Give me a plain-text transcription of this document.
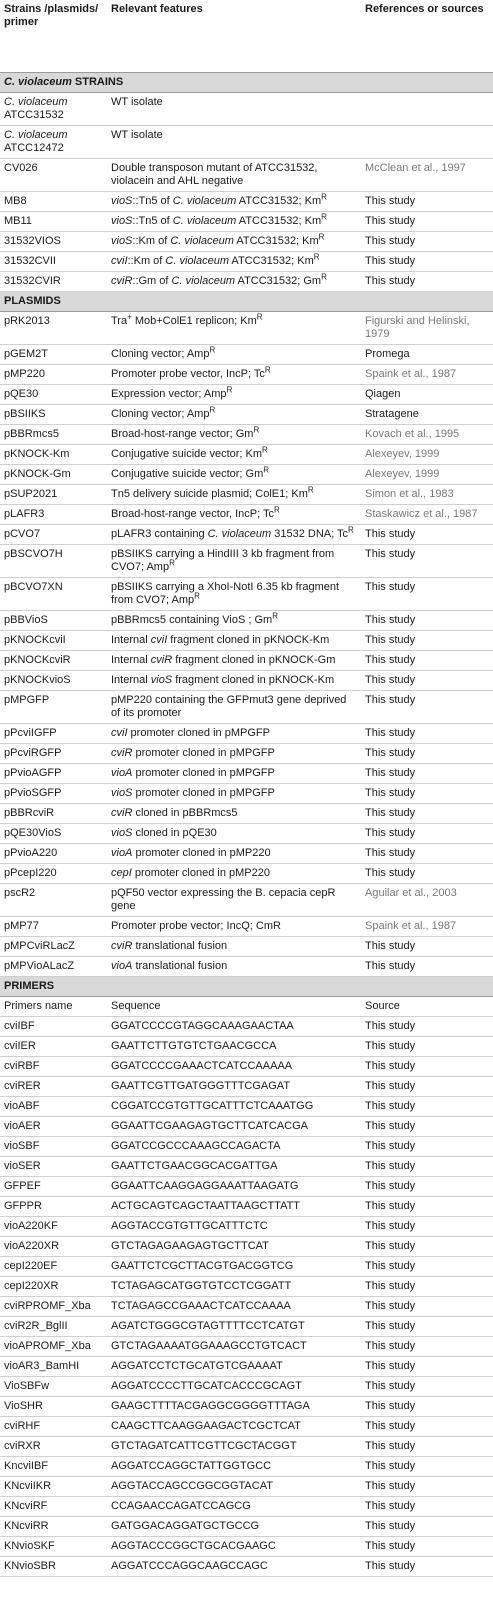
Strains /plasmids/ primer	Relevant features	References or sources
C. violaceum STRAINS		
C. violaceum ATCC31532	WT isolate	
C. violaceum ATCC12472	WT isolate	
CV026	Double transposon mutant of ATCC31532, violacein and AHL negative	McClean et al., 1997
MB8	vioS::Tn5 of C. violaceum ATCC31532; $Km^R$	This study
MB11	vioS::Tn5 of C. violaceum ATCC31532; $Km^R$	This study
31532VIOS	vioS::Km of C. violaceum ATCC31532; $Km^R$	This study
31532CVII	cviI::Km of C. violaceum ATCC31532; $Km^R$	This study
31532CVIR	cviR::Gm of C. violaceum ATCC31532; $Gm^R$	This study
PLASMIDS		
pRK2013	Tra+ Mob+ColE1 replicon; $Km^R$	Figurski and Helinski, 1979
pGEM2T	Cloning vector; Amp$^R$	Promega
pMP220	Promoter probe vector, IncP; $Tc^R$	Spaink et al., 1987
pQE30	Expression vector; Amp$^R$	Qiagen
pBSIIKS	Cloning vector; Amp$^R$	Stratagene
pBBRmcs5	Broad-host-range vector; $Gm^R$	Kovach et al., 1995
pKNOCK-Km	Conjugative suicide vector; $Km^R$	Alexeyev, 1999
pKNOCK-Gm	Conjugative suicide vector; $Gm^R$	Alexeyev, 1999
pSUP2021	Tn5 delivery suicide plasmid; ColE1; $Km^R$	Simon et al., 1983
pLAFR3	Broad-host-range vector, IncP; $Tc^R$	Staskawicz et al., 1987
pCVO7	pLAFR3 containing C. violaceum 31532 DNA; $Tc^R$	This study
pBSCVO7H	pBSIIKS carrying a HindIII 3 kb fragment from CVO7; Amp$^R$	This study
pBCVO7XN	pBSIIKS carrying a XhoI-NotI 6.35 kb fragment from CVO7; Amp$^R$	This study
pBBVioS	pBBRmcs5 containing VioS ; $Gm^R$	This study
pKNOCKcviI	Internal cviI fragment cloned in pKNOCK-Km	This study
pKNOCKcviR	Internal cviR fragment cloned in pKNOCK-Gm	This study
pKNOCKvioS	Internal vioS fragment cloned in pKNOCK-Km	This study
pMPGFP	pMP220 containing the GFPmut3 gene deprived of its promoter	This study
pPcviIGFP	cviI promoter cloned in pMPGFP	This study
pPcviRGFP	cviR promoter cloned in pMPGFP	This study
pPvioAGFP	vioA promoter cloned in pMPGFP	This study
pPvioSGFP	vioS promoter cloned in pMPGFP	This study
pBBRcviR	cviR cloned in pBBRmcs5	This study
pQE30VioS	vioS cloned in pQE30	This study
pPvioA220	vioA promoter cloned in pMP220	This study
pPcepI220	cepI promoter cloned in pMP220	This study
pscR2	pQF50 vector expressing the B. cepacia cepR gene	Aguilar et al., 2003
pMP77	Promoter probe vector; IncQ; CmR	Spaink et al., 1987
pMPCviRLacZ	cviR translational fusion	This study
pMPVioALacZ	vioA translational fusion	This study
PRIMERS		
Primers name	Sequence	Source
cviIBF	GGATCCCCGTAGGCAAAGAACTAA	This study
cviIER	GAATTCTTGTGTCTGAACGCCA	This study
cviRBF	GGATCCCCGAAACTCATCCAAAAA	This study
cviRER	GAATTCGTTGATGGGTTTCGAGAT	This study
vioABF	CGGATCCGTGTTGCATTTCTCAAATGG	This study
vioAER	GGAATTCGAAGAGTGCTTCATCACGA	This study
vioSBF	GGATCCGCCCAAAGCCAGACTA	This study
vioSER	GAATTCTGAACGGCACGATTGA	This study
GFPEF	GGAATTCAAGGAGGAAATTAAGATG	This study
GFPPR	ACTGCAGTCAGCTAATTAAGCTTATT	This study
vioA220KF	AGGTACCGTGTTGCATTTCTC	This study
vioA220XR	GTCTAGAGAAGAGTGCTTCAT	This study
cepI220EF	GAATTCTCGCTTACGTGACGGTCG	This study
cepI220XR	TCTAGAGCATGGTGTCCTCGGATT	This study
cviRPROMF_Xba	TCTAGAGCCGAAACTCATCCAAAA	This study
cviR2R_BglII	AGATCTGGGCGTAGTTTTCCTCATGT	This study
vioAPROMF_Xba	GTCTAGAAAATGGAAAGCCTGTCACT	This study
vioAR3_BamHI	AGGATCCTCTGCATGTCGAAAAT	This study
VioSBFw	AGGATCCCCTTGCATCACCCGCAGT	This study
VioSHR	GAAGCTTTTACGAGGCGGGGTTTAGA	This study
cviRHF	CAAGCTTCAAGGAAGACTCGCTCAT	This study
cviRXR	GTCTAGATCATTCGTTCGCTACGGT	This study
KncviIBF	AGGATCCAGGCTATTGGTGCC	This study
KNcviIKR	AGGTACCAGCCGGCGGTACAT	This study
KNcviRF	CCAGAACCAGATCCAGCG	This study
KNcviRR	GATGGACAGGATGCTGCCG	This study
KNvioSKF	AGGTACCCGGCTGCACGAAGC	This study
KNvioSBR	AGGATCCCAGGCAAGCCAGC	This study
